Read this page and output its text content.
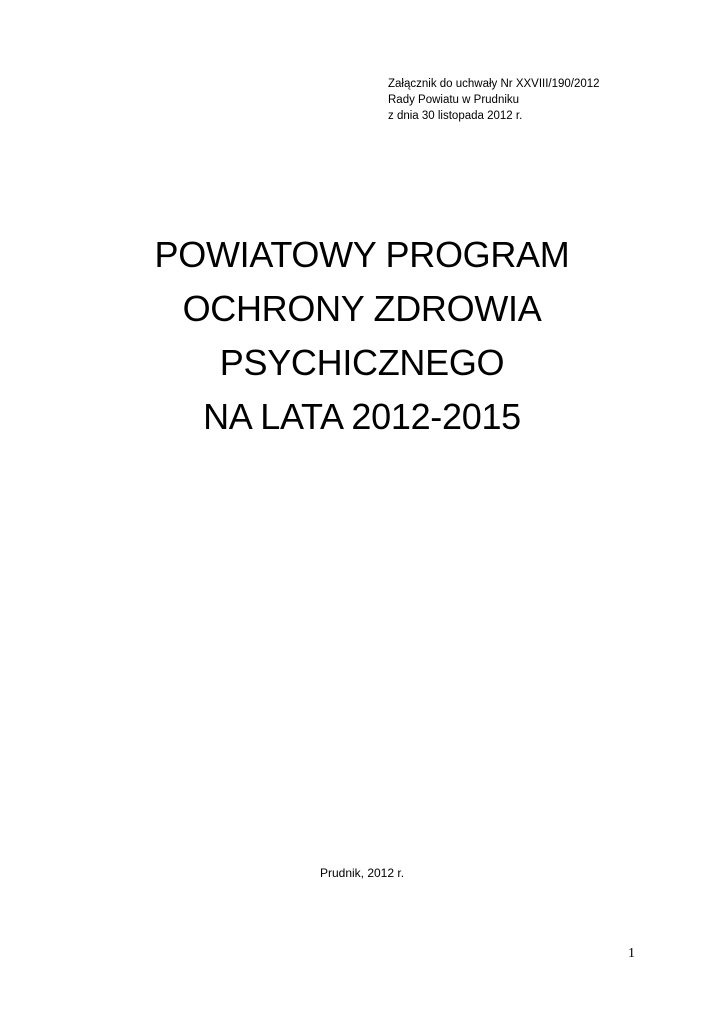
Załącznik do uchwały Nr XXVIII/190/2012
Rady Powiatu w Prudniku
z dnia 30 listopada 2012 r.
POWIATOWY PROGRAM
OCHRONY ZDROWIA
PSYCHICZNEGO
NA LATA 2012-2015
Prudnik, 2012 r.
1
